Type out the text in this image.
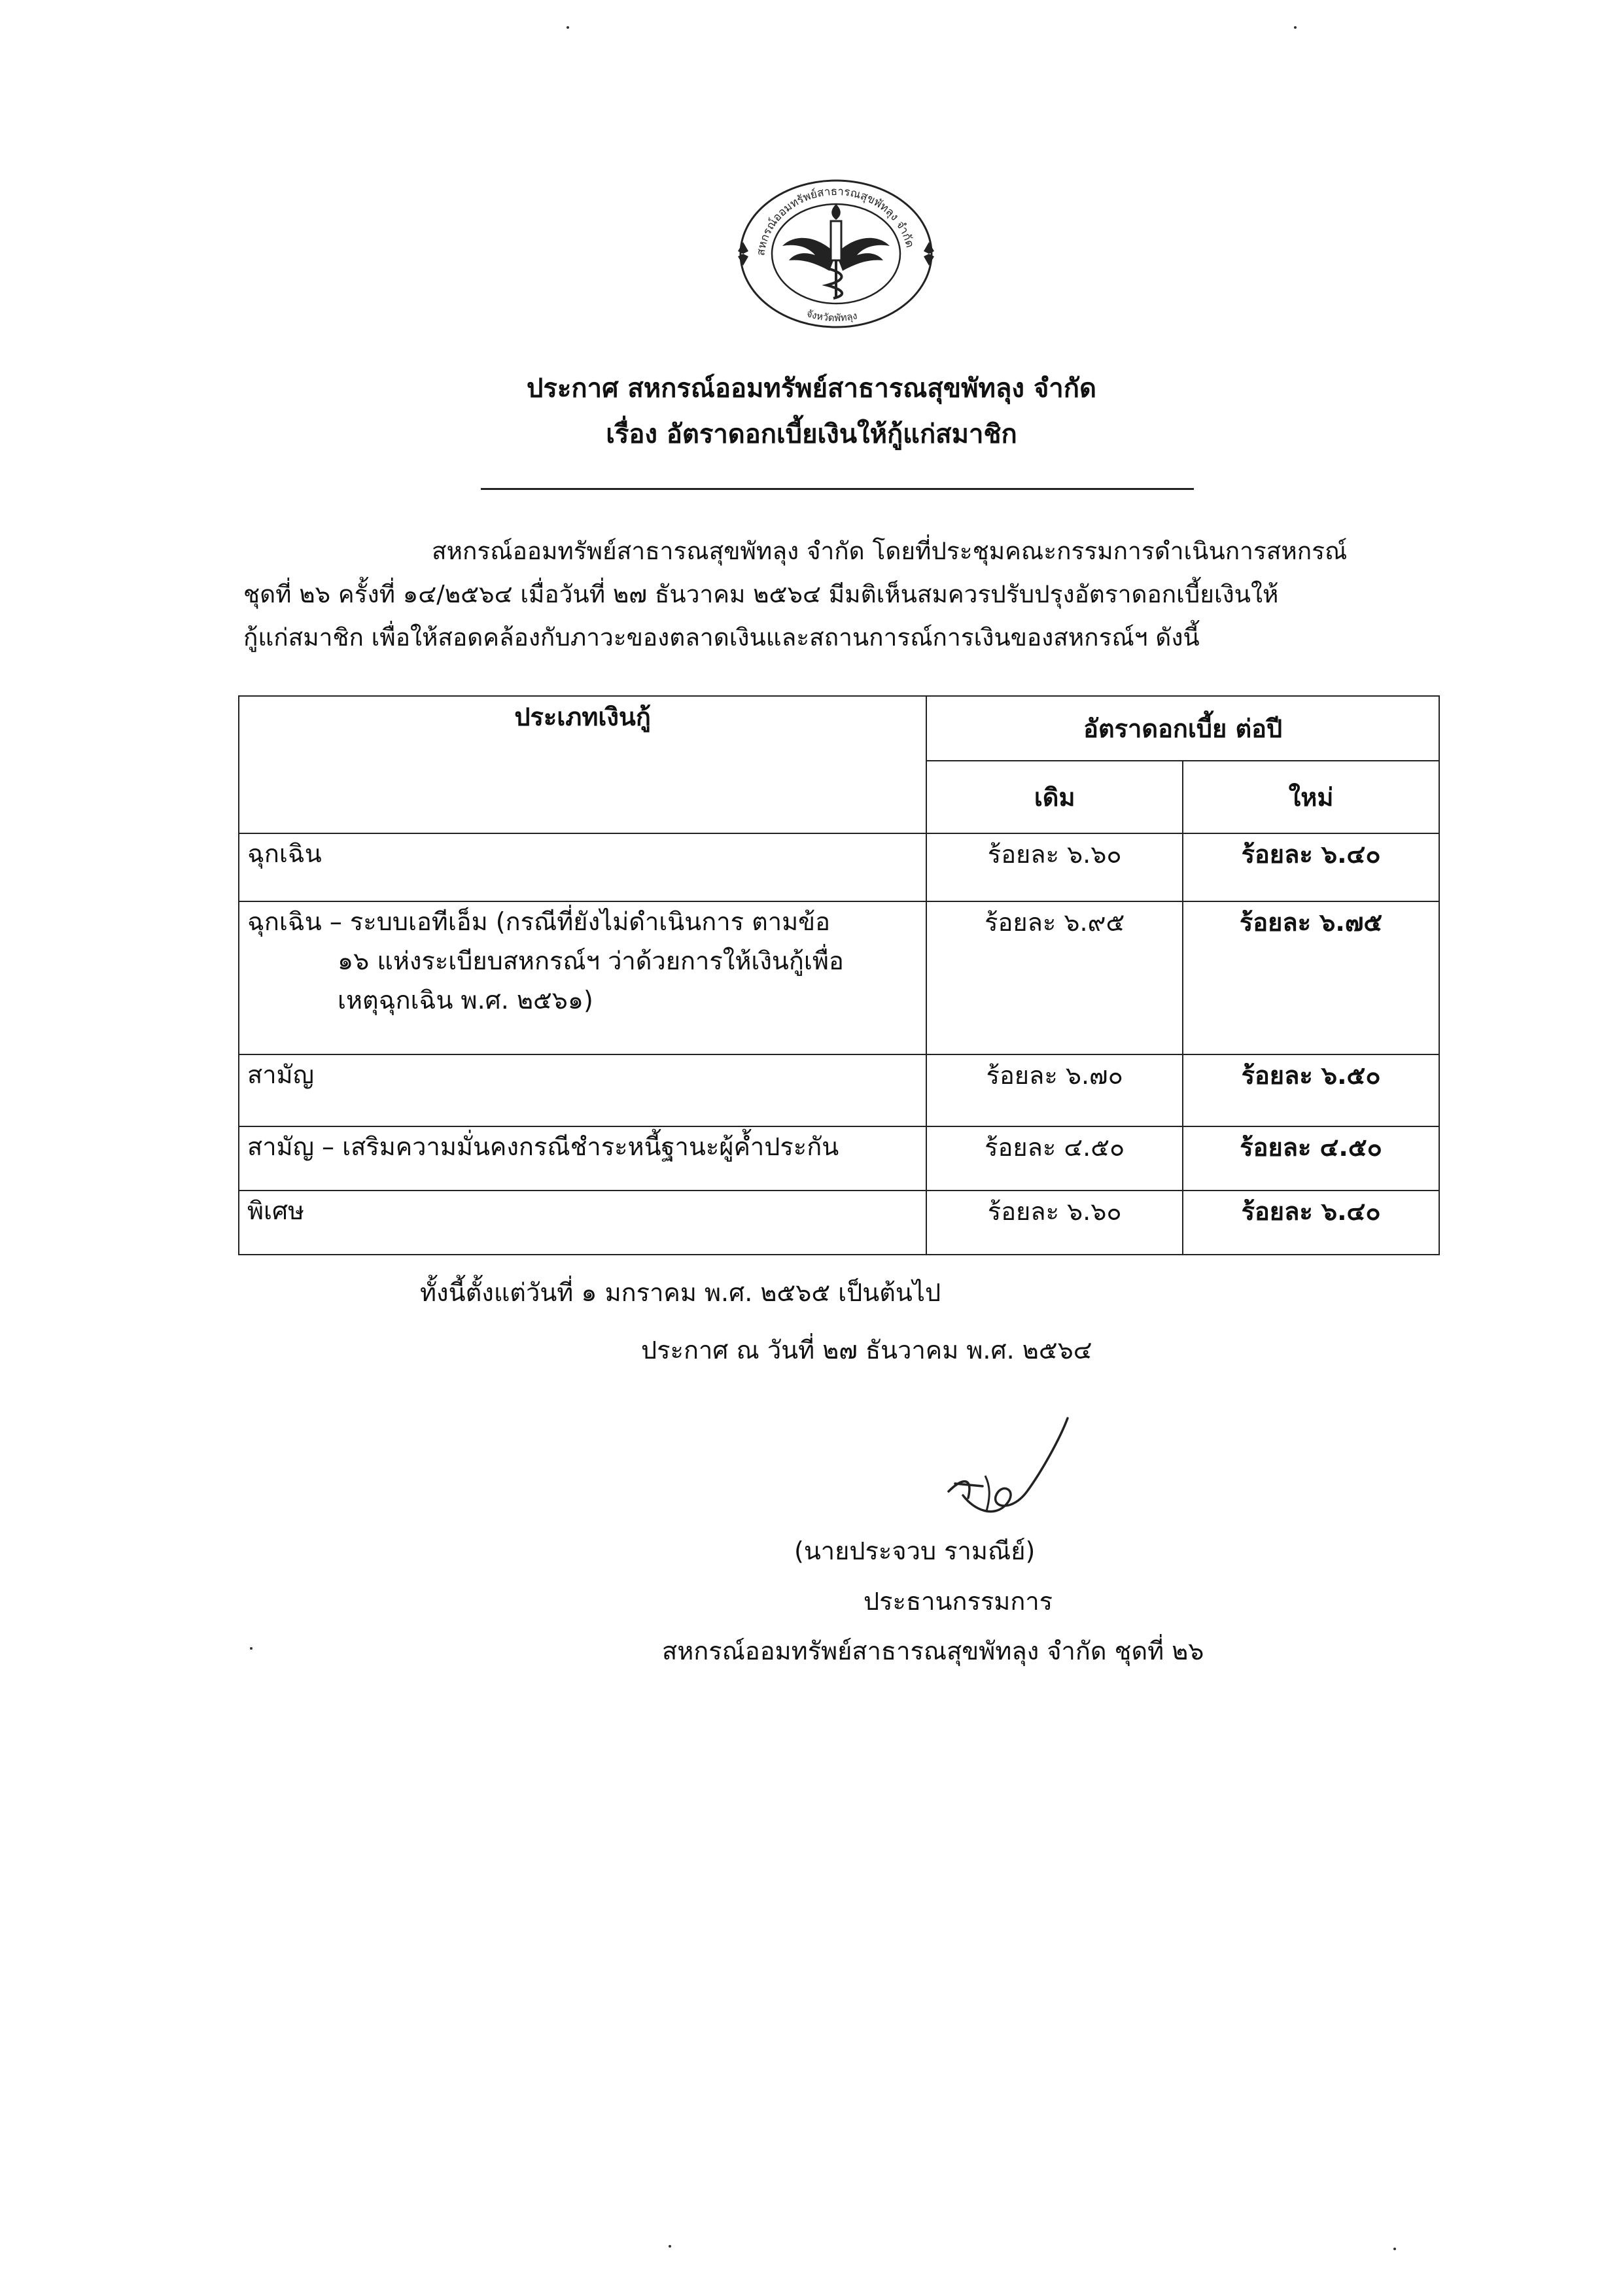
สหกรณ์ออมทรัพย์สาธารณสุขพัทลุง จำกัด
จังหวัดพัทลุง
ประกาศ สหกรณ์ออมทรัพย์สาธารณสุขพัทลุง จำกัด
เรื่อง อัตราดอกเบี้ยเงินให้กู้แก่สมาชิก
สหกรณ์ออมทรัพย์สาธารณสุขพัทลุง จำกัด โดยที่ประชุมคณะกรรมการดำเนินการสหกรณ์
ชุดที่ ๒๖ ครั้งที่ ๑๔/๒๕๖๔ เมื่อวันที่ ๒๗ ธันวาคม ๒๕๖๔ มีมติเห็นสมควรปรับปรุงอัตราดอกเบี้ยเงินให้
กู้แก่สมาชิก เพื่อให้สอดคล้องกับภาวะของตลาดเงินและสถานการณ์การเงินของสหกรณ์ฯ ดังนี้
ประเภทเงินกู้	อัตราดอกเบี้ย ต่อปี	
	เดิม	ใหม่
ฉุกเฉิน	ร้อยละ ๖.๖๐	ร้อยละ ๖.๔๐
ฉุกเฉิน – ระบบเอทีเอ็ม (กรณีที่ยังไม่ดำเนินการ ตามข้อ
๑๖ แห่งระเบียบสหกรณ์ฯ ว่าด้วยการให้เงินกู้เพื่อ
เหตุฉุกเฉิน พ.ศ. ๒๕๖๑)	ร้อยละ ๖.๙๕	ร้อยละ ๖.๗๕
สามัญ	ร้อยละ ๖.๗๐	ร้อยละ ๖.๕๐
สามัญ – เสริมความมั่นคงกรณีชำระหนี้ฐานะผู้ค้ำประกัน	ร้อยละ ๔.๕๐	ร้อยละ ๔.๕๐
พิเศษ	ร้อยละ ๖.๖๐	ร้อยละ ๖.๔๐
ทั้งนี้ตั้งแต่วันที่ ๑ มกราคม พ.ศ. ๒๕๖๕ เป็นต้นไป
ประกาศ ณ วันที่ ๒๗ ธันวาคม พ.ศ. ๒๕๖๔
(นายประจวบ รามณีย์)
ประธานกรรมการ
สหกรณ์ออมทรัพย์สาธารณสุขพัทลุง จำกัด ชุดที่ ๒๖
